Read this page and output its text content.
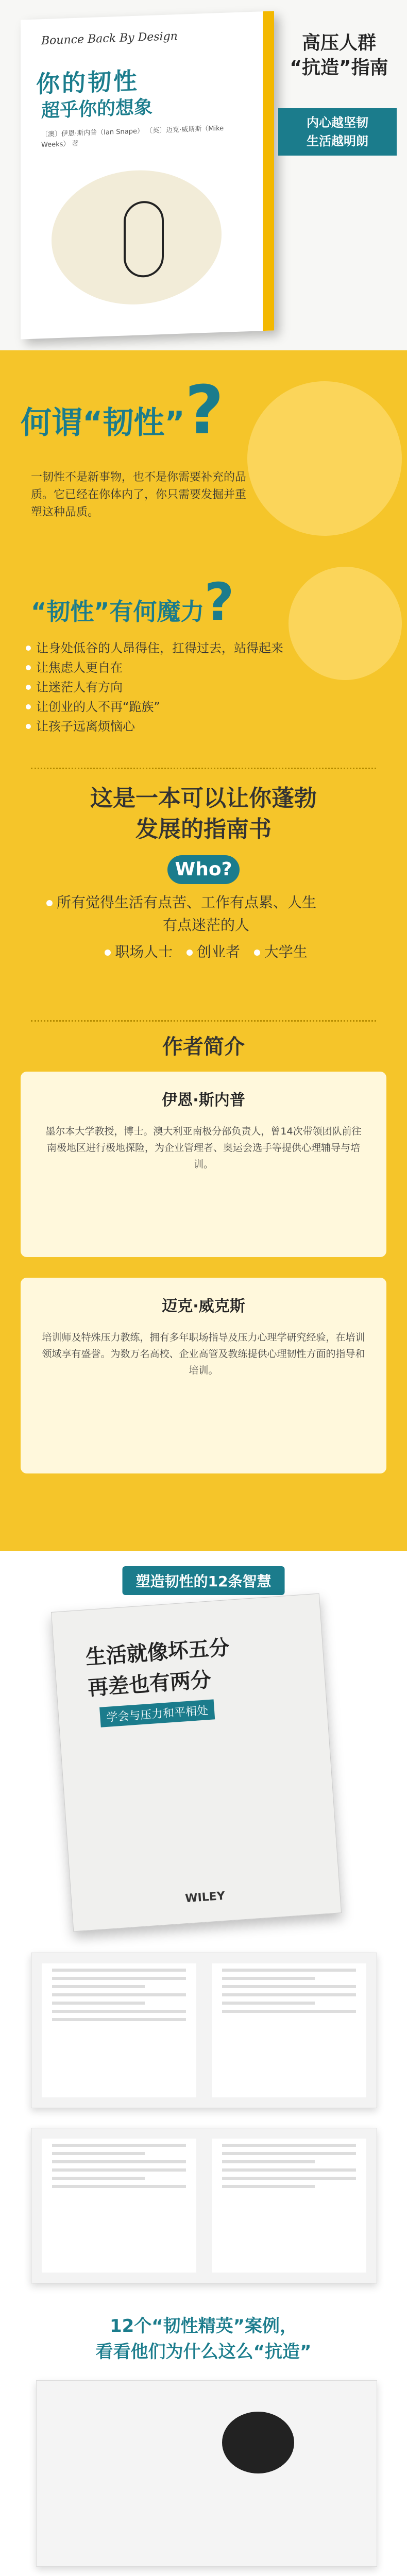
Bounce Back By Design
你的韧性
超乎你的想象
〔澳〕伊恩·斯内普（Ian Snape） 〔英〕迈克·威斯斯（Mike Weeks） 著
高压人群
“抗造”指南
内心越坚韧
生活越明朗
何谓“韧性”?
一韧性不是新事物，也不是你需要补充的品质。它已经在你体内了，你只需要发掘并重塑这种品质。
“韧性”有何魔力?
让身处低谷的人昂得住，扛得过去，站得起来
让焦虑人更自在
让迷茫人有方向
让创业的人不再“跪族”
让孩子远离烦恼心
这是一本可以让你蓬勃
发展的指南书
Who?
所有觉得生活有点苦、工作有点累、人生
有点迷茫的人
职场人士 创业者 大学生
作者简介
伊恩·斯内普
墨尔本大学教授，博士。澳大利亚南极分部负责人，曾14次带领团队前往南极地区进行极地探险，为企业管理者、奥运会选手等提供心理辅导与培训。
迈克·威克斯
培训师及特殊压力教练，拥有多年职场指导及压力心理学研究经验，在培训领域享有盛誉。为数万名高校、企业高管及教练提供心理韧性方面的指导和培训。
塑造韧性的12条智慧
生活就像坏五分
再差也有两分
学会与压力和平相处
WILEY
12个“韧性精英”案例，
看看他们为什么这么“抗造”
